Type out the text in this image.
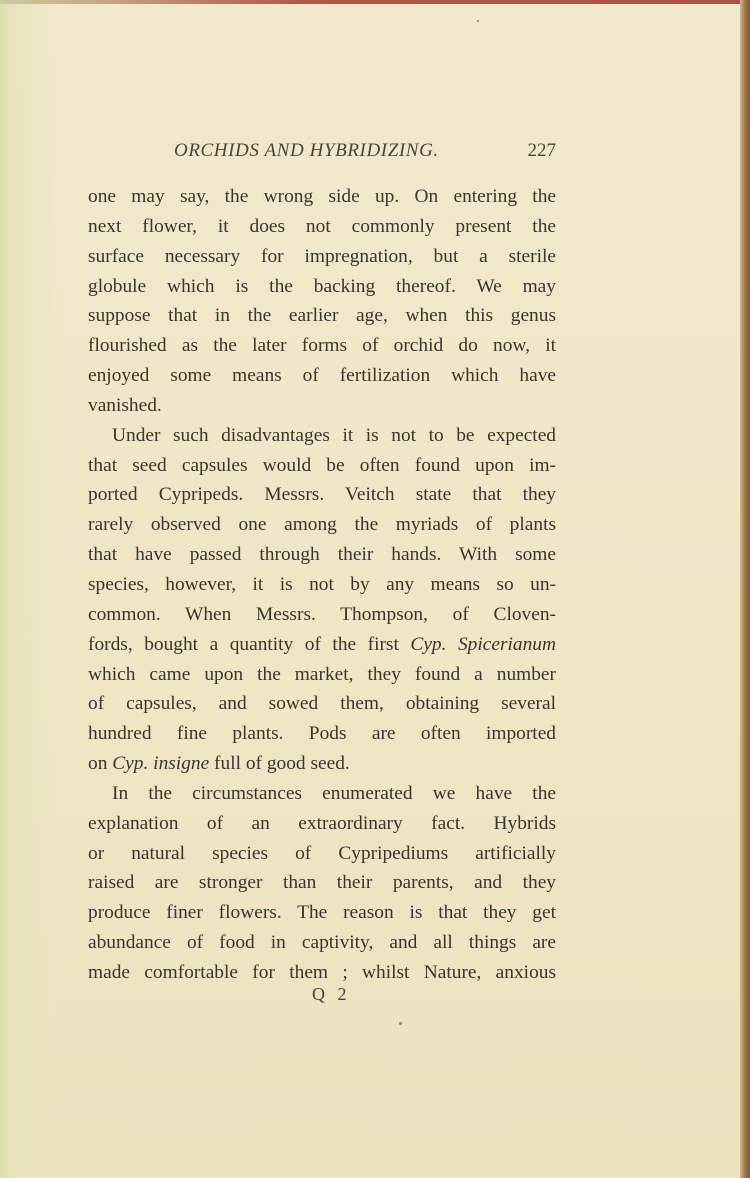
ORCHIDS AND HYBRIDIZING.	227
one may say, the wrong side up. On entering the
next flower, it does not commonly present the
surface necessary for impregnation, but a sterile
globule which is the backing thereof. We may
suppose that in the earlier age, when this genus
flourished as the later forms of orchid do now, it
enjoyed some means of fertilization which have
vanished.
Under such disadvantages it is not to be expected
that seed capsules would be often found upon im-
ported Cypripeds. Messrs. Veitch state that they
rarely observed one among the myriads of plants
that have passed through their hands. With some
species, however, it is not by any means so un-
common. When Messrs. Thompson, of Cloven-
fords, bought a quantity of the first Cyp. Spicerianum
which came upon the market, they found a number
of capsules, and sowed them, obtaining several
hundred fine plants. Pods are often imported
on Cyp. insigne full of good seed.
In the circumstances enumerated we have the
explanation of an extraordinary fact. Hybrids
or natural species of Cypripediums artificially
raised are stronger than their parents, and they
produce finer flowers. The reason is that they get
abundance of food in captivity, and all things are
made comfortable for them ; whilst Nature, anxious
Q 2
